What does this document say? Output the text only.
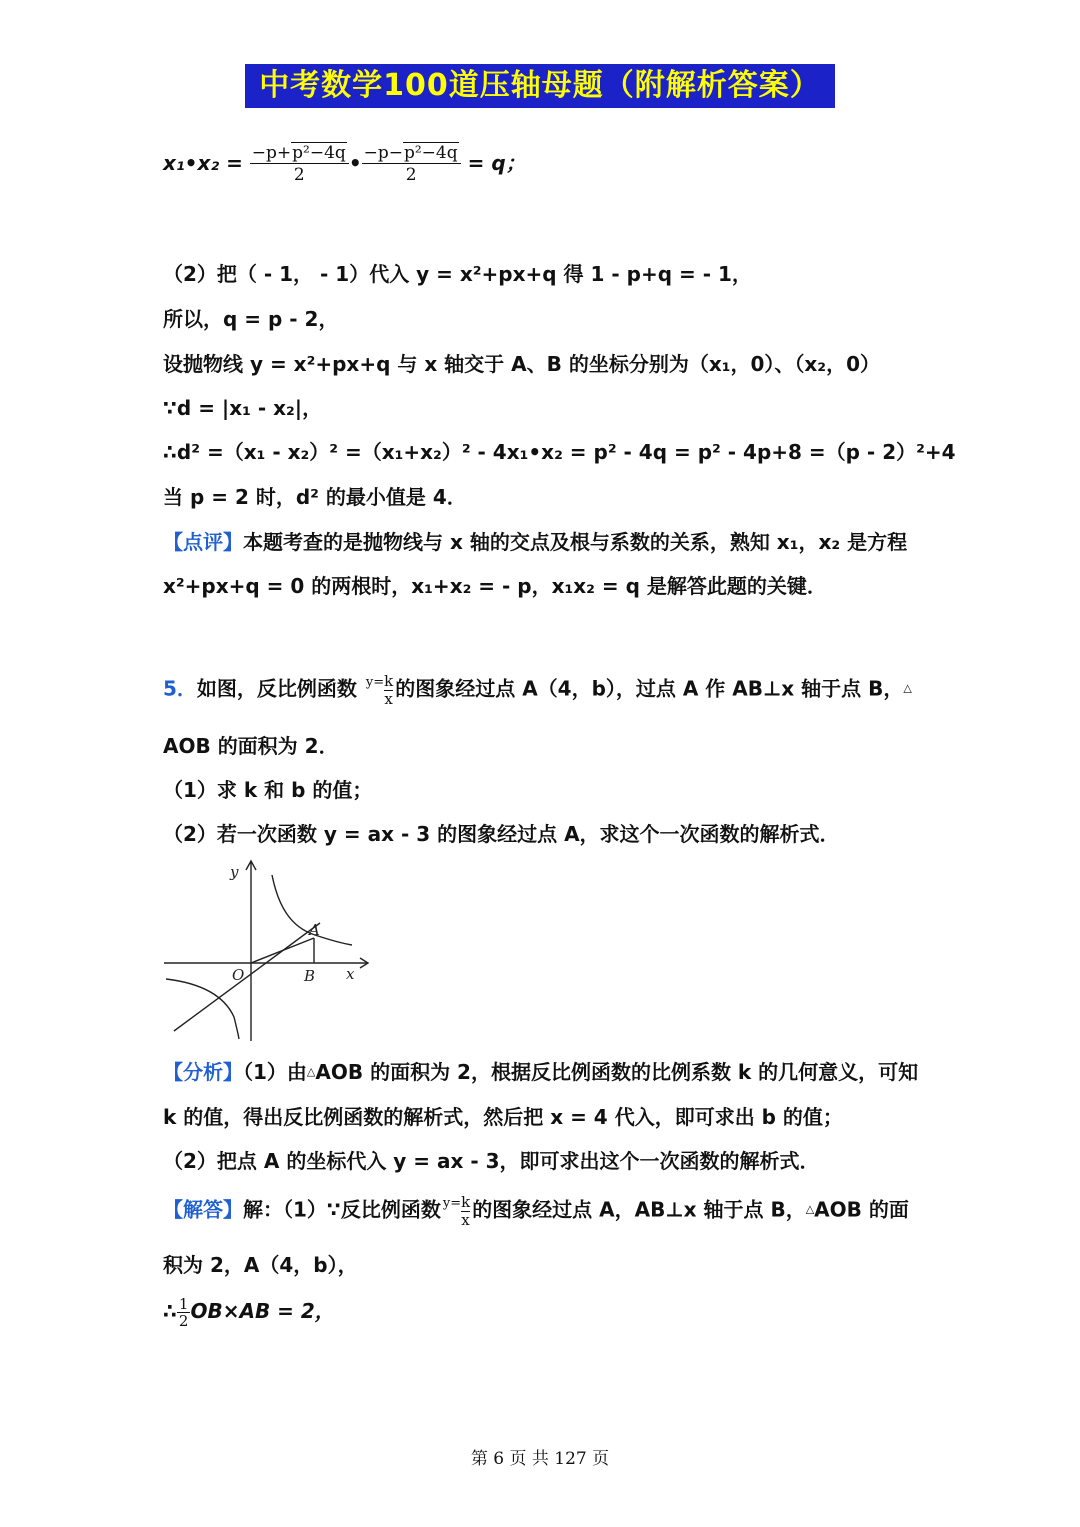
中考数学100道压轴母题（附解析答案）
x₁•x₂ = $\frac{\text{−p+p²−4q}}{2}$ • $\frac{\text{−p−p²−4q}}{2} = q$；
（2）把（ - 1， - 1）代入 y = x²+px+q 得 1 - p+q = - 1，
所以，q = p - 2，
设抛物线 y = x²+px+q 与 x 轴交于 A、B 的坐标分别为（x₁，0）、（x₂，0）
∵d = |x₁ - x₂|，
∴d² =（x₁ - x₂）² =（x₁+x₂）² - 4x₁•x₂ = p² - 4q = p² - 4p+8 =（p - 2）²+4
当 p = 2 时，d² 的最小值是 4．
【点评】本题考查的是抛物线与 x 轴的交点及根与系数的关系，熟知 x₁，x₂ 是方程
x²+px+q = 0 的两根时，x₁+x₂ = - p，x₁x₂ = q 是解答此题的关键．
5．如图，反比例函数 y=k
x 的图象经过点 A（4，b），过点 A 作 AB⊥x 轴于点 B，△
AOB 的面积为 2．
（1）求 k 和 b 的值；
（2）若一次函数 y = ax - 3 的图象经过点 A，求这个一次函数的解析式．
y
x
O
A
B
【分析】（1）由△AOB 的面积为 2，根据反比例函数的比例系数 k 的几何意义，可知
k 的值，得出反比例函数的解析式，然后把 x = 4 代入，即可求出 b 的值；
（2）把点 A 的坐标代入 y = ax - 3，即可求出这个一次函数的解析式．
【解答】解：（1）∵反比例函数 y=k
x 的图象经过点 A，AB⊥x 轴于点 B，△AOB 的面
积为 2，A（4，b），
∴ $\frac{1}{2} OB\times AB = 2$，
第 6 页 共 127 页
